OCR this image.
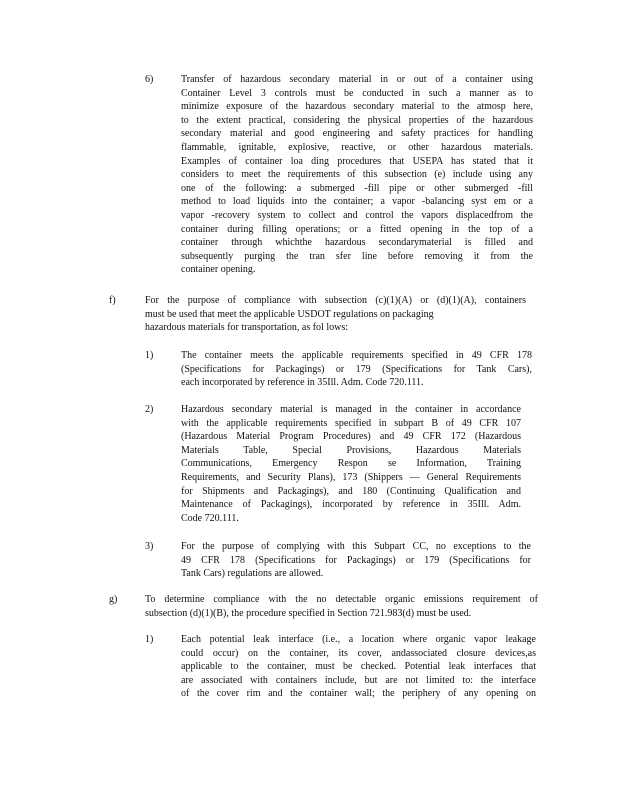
6)	Transfer of hazardous secondary material in or out of a container using
Container Level 3 controls must be conducted in such a manner as to
minimize exposure of the hazardous secondary material to the atmosp here,
to the extent practical, considering the physical properties of the hazardous
secondary material and good engineering and safety practices for handling
flammable, ignitable, explosive, reactive, or other hazardous materials.
Examples of container loa ding procedures that USEPA has stated that it
considers to meet the requirements of this subsection (e) include using any
one of the following: a submerged -fill pipe or other submerged -fill
method to load liquids into the container; a vapor -balancing syst em or a
vapor -recovery system to collect and control the vapors displacedfrom the
container during filling operations; or a fitted opening in the top of a
container through whichthe hazardous secondarymaterial is filled and
subsequently purging the tran sfer line before removing it from the
container opening.
f)	For the purpose of compliance with subsection (c)(1)(A) or (d)(1)(A), containers
must be used that meet the applicable USDOT regulations on packaging
hazardous materials for transportation, as fol lows:
1)	The container meets the applicable requirements specified in 49 CFR 178
(Specifications for Packagings) or 179 (Specifications for Tank Cars),
each incorporated by reference in 35Ill. Adm. Code 720.111.
2)	Hazardous secondary material is managed in the container in accordance
with the applicable requirements specified in subpart B of 49 CFR 107
(Hazardous Material Program Procedures) and 49 CFR 172 (Hazardous
Materials Table, Special Provisions, Hazardous Materials
Communications, Emergency Respon se Information, Training
Requirements, and Security Plans), 173 (Shippers — General Requirements
for Shipments and Packagings), and 180 (Continuing Qualification and
Maintenance of Packagings), incorporated by reference in 35Ill. Adm.
Code 720.111.
3)	For the purpose of complying with this Subpart CC, no exceptions to the
49 CFR 178 (Specifications for Packagings) or 179 (Specifications for
Tank Cars) regulations are allowed.
g)	To determine compliance with the no detectable organic emissions requirement of
subsection (d)(1)(B), the procedure specified in Section 721.983(d) must be used.
1)	Each potential leak interface (i.e., a location where organic vapor leakage
could occur) on the container, its cover, andassociated closure devices,as
applicable to the container, must be checked. Potential leak interfaces that
are associated with containers include, but are not limited to: the interface
of the cover rim and the container wall; the periphery of any opening on
